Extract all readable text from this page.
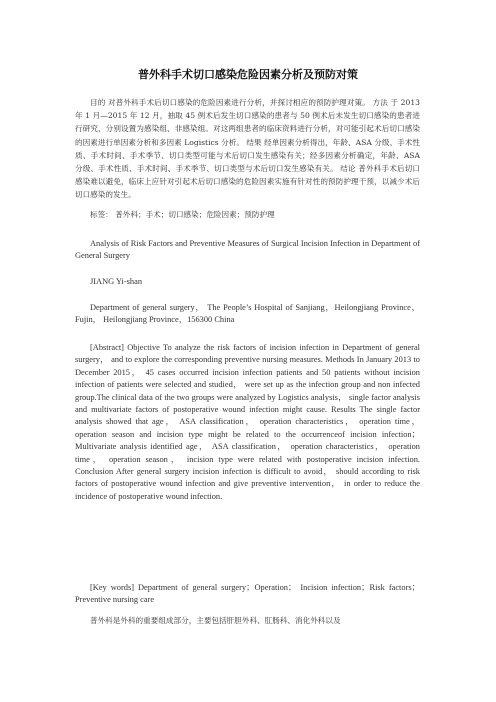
普外科手术切口感染危险因素分析及预防对策

目的 对普外科手术后切口感染的危险因素进行分析，并探讨相应的预防护理对策。 方法 于 2013 年 1 月—2015 年 12 月，抽取 45 例术后发生切口感染的患者与 50 例术后未发生切口感染的患者进行研究，分别设置为感染组、非感染组。对这两组患者的临床资料进行分析，对可能引起术后切口感染的因素进行单因素分析和多因素 Logistics 分析。 结果 经单因素分析得出，年龄、ASA 分级、手术性质、手术时间、手术季节、切口类型可能与术后切口发生感染有关；经多因素分析确定，年龄、ASA 分级、手术性质、手术时间、手术季节、切口类型与术后切口发生感染有关。 结论 普外科手术后切口感染难以避免，临床上应针对引起术后切口感染的危险因素实施有针对性的预防护理干预，以减少术后切口感染的发生。

标签： 普外科；手术；切口感染；危险因素；预防护理

Analysis of Risk Factors and Preventive Measures of Surgical Incision Infection in Department of General Surgery

JIANG Yi-shan

Department of general surgery， The People’s Hospital of Sanjiang，Heilongjiang Province，Fujin， Heilongjiang Province，156300 China

[Abstract] Objective To analyze the risk factors of incision infection in Department of general surgery， and to explore the corresponding preventive nursing measures. Methods In January 2013 to December 2015， 45 cases occurred incision infection patients and 50 patients without incision infection of patients were selected and studied， were set up as the infection group and non infected group.The clinical data of the two groups were analyzed by Logistics analysis， single factor analysis and multivariate factors of postoperative wound infection might cause. Results The single factor analysis showed that age， ASA classification， operation characteristics， operation time，operation season and incision type might be related to the occurrenceof incision infection；Multivariate analysis identified age， ASA classification， operation characteristics， operation time， operation season， incision type were related with postoperative incision infection. Conclusion After general surgery incision infection is difficult to avoid， should according to risk factors of postoperative wound infection and give preventive intervention， in order to reduce the incidence of postoperative wound infection.

[Key words] Department of general surgery；Operation； Incision infection；Risk factors； Preventive nursing care

普外科是外科的重要组成部分，主要包括肝胆外科、肛肠科、消化外科以及
